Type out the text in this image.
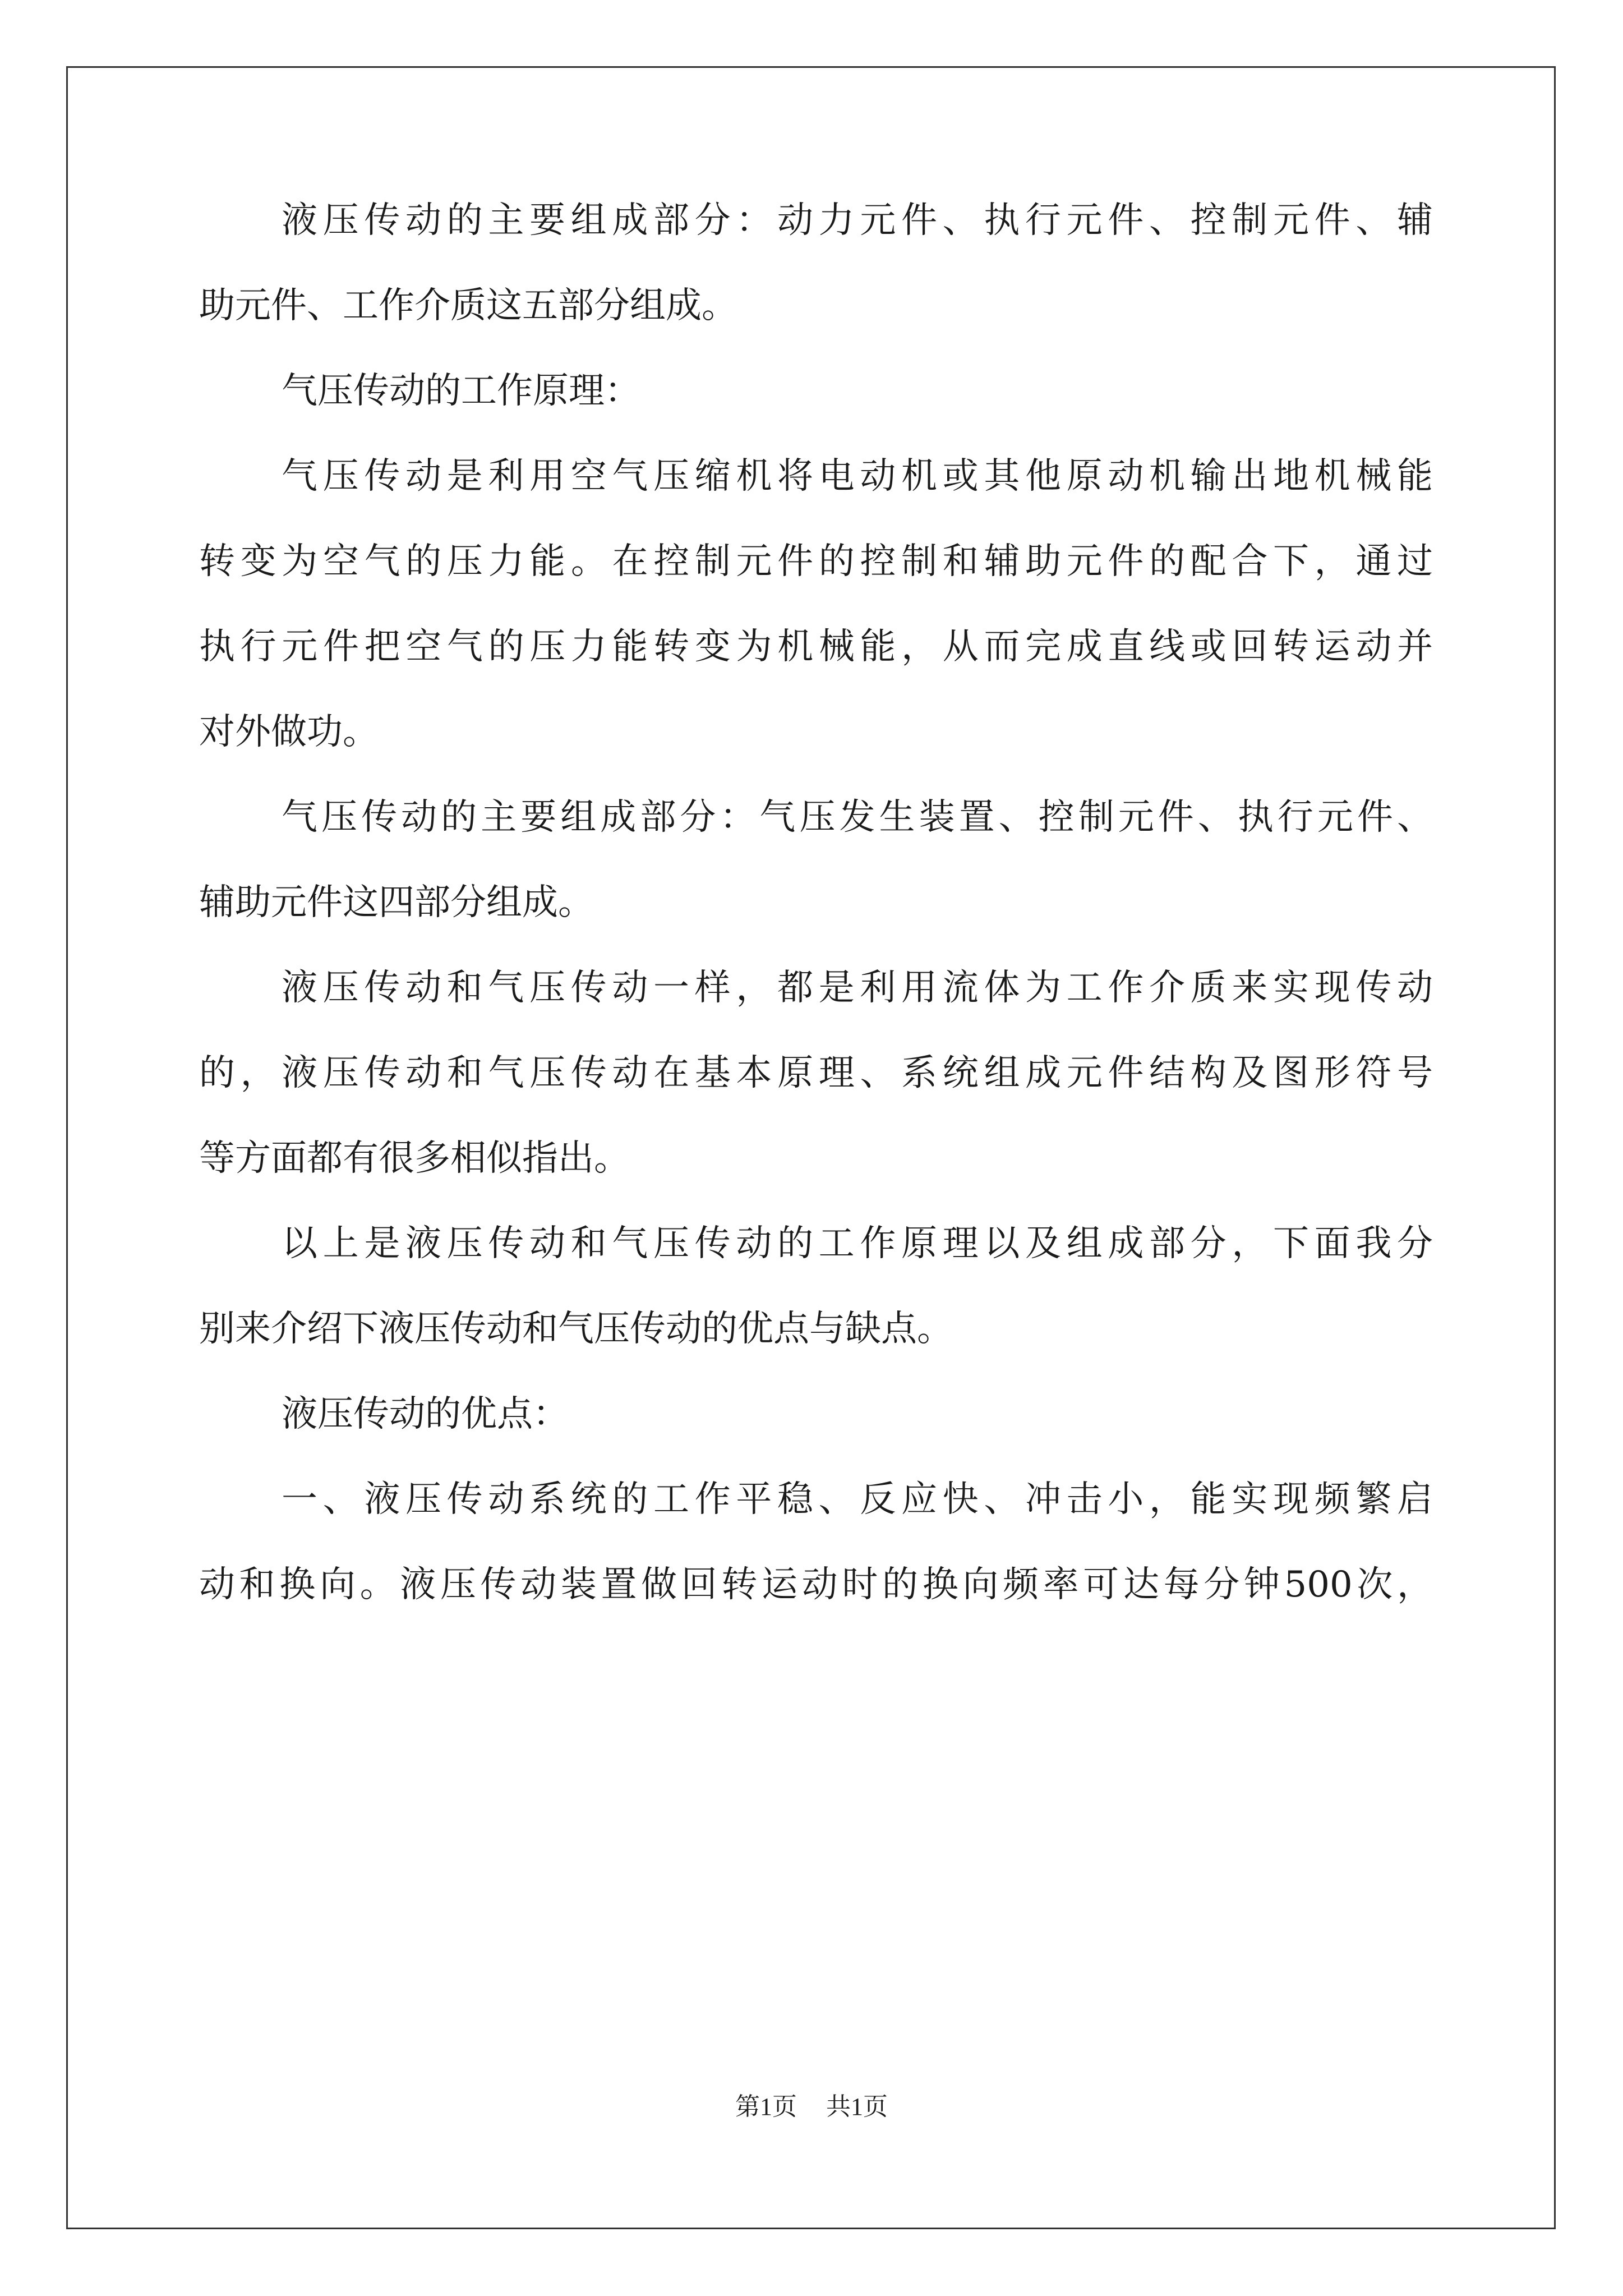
液压传动的主要组成部分：动力元件、执行元件、控制元件、辅
助元件、工作介质这五部分组成。
气压传动的工作原理：
气压传动是利用空气压缩机将电动机或其他原动机输出地机械能
转变为空气的压力能。在控制元件的控制和辅助元件的配合下，通过
执行元件把空气的压力能转变为机械能，从而完成直线或回转运动并
对外做功。
气压传动的主要组成部分：气压发生装置、控制元件、执行元件、
辅助元件这四部分组成。
液压传动和气压传动一样，都是利用流体为工作介质来实现传动
的，液压传动和气压传动在基本原理、系统组成元件结构及图形符号
等方面都有很多相似指出。
以上是液压传动和气压传动的工作原理以及组成部分，下面我分
别来介绍下液压传动和气压传动的优点与缺点。
液压传动的优点：
一、液压传动系统的工作平稳、反应快、冲击小，能实现频繁启
动和换向。液压传动装置做回转运动时的换向频率可达每分钟500次，
第1页 共1页
